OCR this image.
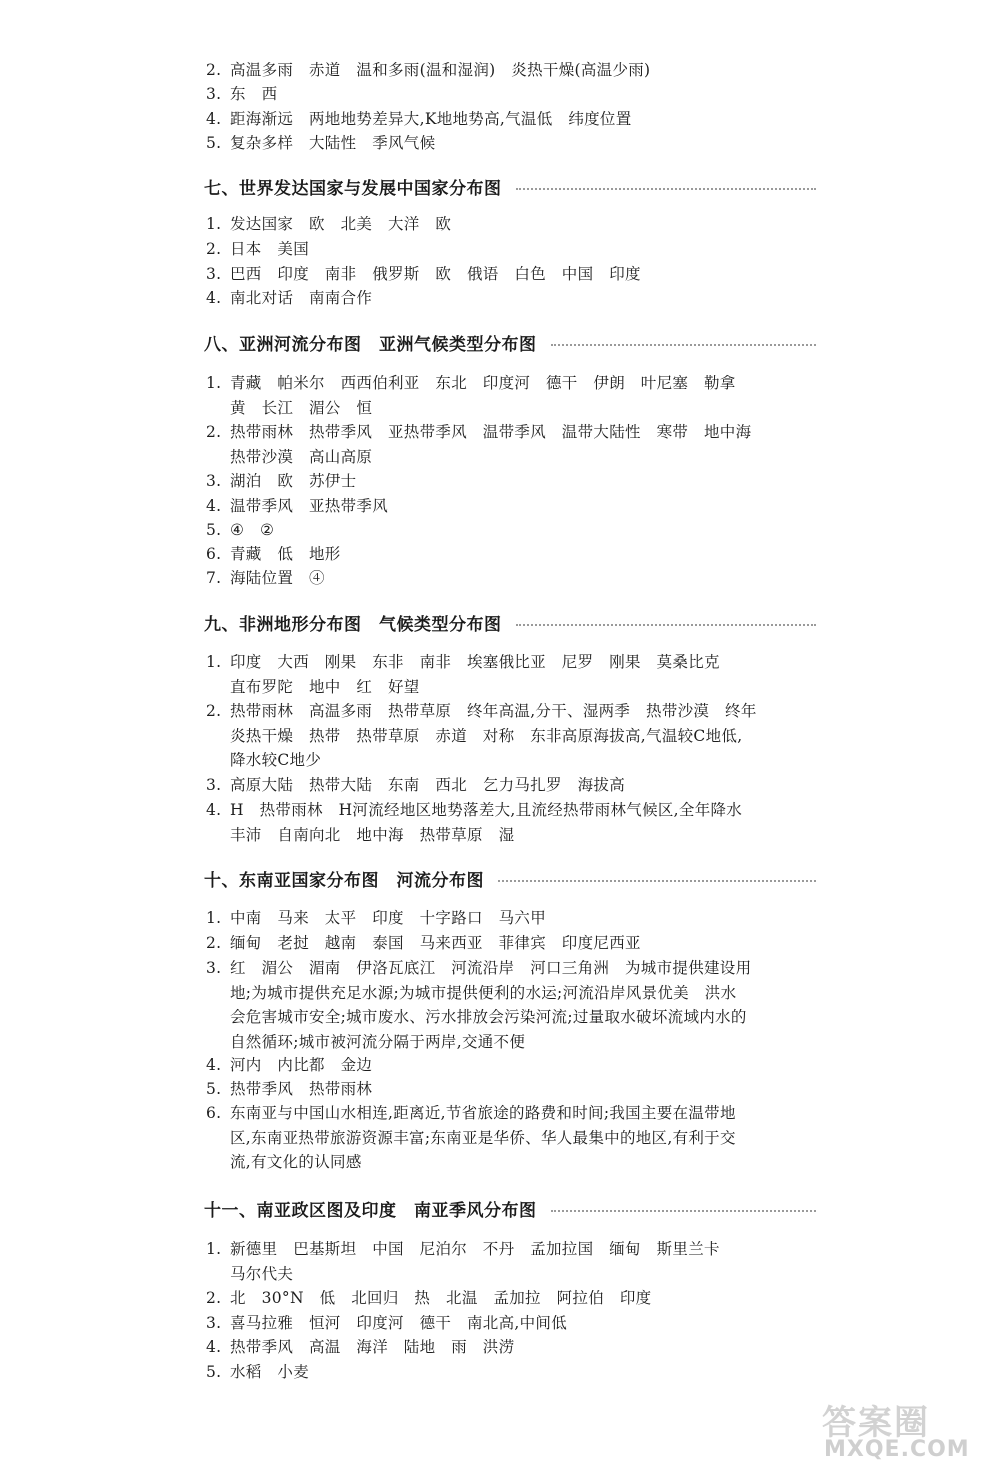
2. 高温多雨　赤道　温和多雨(温和湿润)　炎热干燥(高温少雨)
3. 东　西
4. 距海渐远　两地地势差异大,K地地势高,气温低　纬度位置
5. 复杂多样　大陆性　季风气候
七、世界发达国家与发展中国家分布图
1. 发达国家　欧　北美　大洋　欧
2. 日本　美国
3. 巴西　印度　南非　俄罗斯　欧　俄语　白色　中国　印度
4. 南北对话　南南合作
八、亚洲河流分布图　亚洲气候类型分布图
1. 青藏　帕米尔　西西伯利亚　东北　印度河　德干　伊朗　叶尼塞　勒拿
黄　长江　湄公　恒
2. 热带雨林　热带季风　亚热带季风　温带季风　温带大陆性　寒带　地中海
热带沙漠　高山高原
3. 湖泊　欧　苏伊士
4. 温带季风　亚热带季风
5. ④　②
6. 青藏　低　地形
7. 海陆位置　④
九、非洲地形分布图　气候类型分布图
1. 印度　大西　刚果　东非　南非　埃塞俄比亚　尼罗　刚果　莫桑比克
直布罗陀　地中　红　好望
2. 热带雨林　高温多雨　热带草原　终年高温,分干、湿两季　热带沙漠　终年
炎热干燥　热带　热带草原　赤道　对称　东非高原海拔高,气温较C地低,
降水较C地少
3. 高原大陆　热带大陆　东南　西北　乞力马扎罗　海拔高
4. H　热带雨林　H河流经地区地势落差大,且流经热带雨林气候区,全年降水
丰沛　自南向北　地中海　热带草原　湿
十、东南亚国家分布图　河流分布图
1. 中南　马来　太平　印度　十字路口　马六甲
2. 缅甸　老挝　越南　泰国　马来西亚　菲律宾　印度尼西亚
3. 红　湄公　湄南　伊洛瓦底江　河流沿岸　河口三角洲　为城市提供建设用
地;为城市提供充足水源;为城市提供便利的水运;河流沿岸风景优美　洪水
会危害城市安全;城市废水、污水排放会污染河流;过量取水破坏流域内水的
自然循环;城市被河流分隔于两岸,交通不便
4. 河内　内比都　金边
5. 热带季风　热带雨林
6. 东南亚与中国山水相连,距离近,节省旅途的路费和时间;我国主要在温带地
区,东南亚热带旅游资源丰富;东南亚是华侨、华人最集中的地区,有利于交
流,有文化的认同感
十一、南亚政区图及印度　南亚季风分布图
1. 新德里　巴基斯坦　中国　尼泊尔　不丹　孟加拉国　缅甸　斯里兰卡
马尔代夫
2. 北　30°N　低　北回归　热　北温　孟加拉　阿拉伯　印度
3. 喜马拉雅　恒河　印度河　德干　南北高,中间低
4. 热带季风　高温　海洋　陆地　雨　洪涝
5. 水稻　小麦
答案圈
MXQE.COM
